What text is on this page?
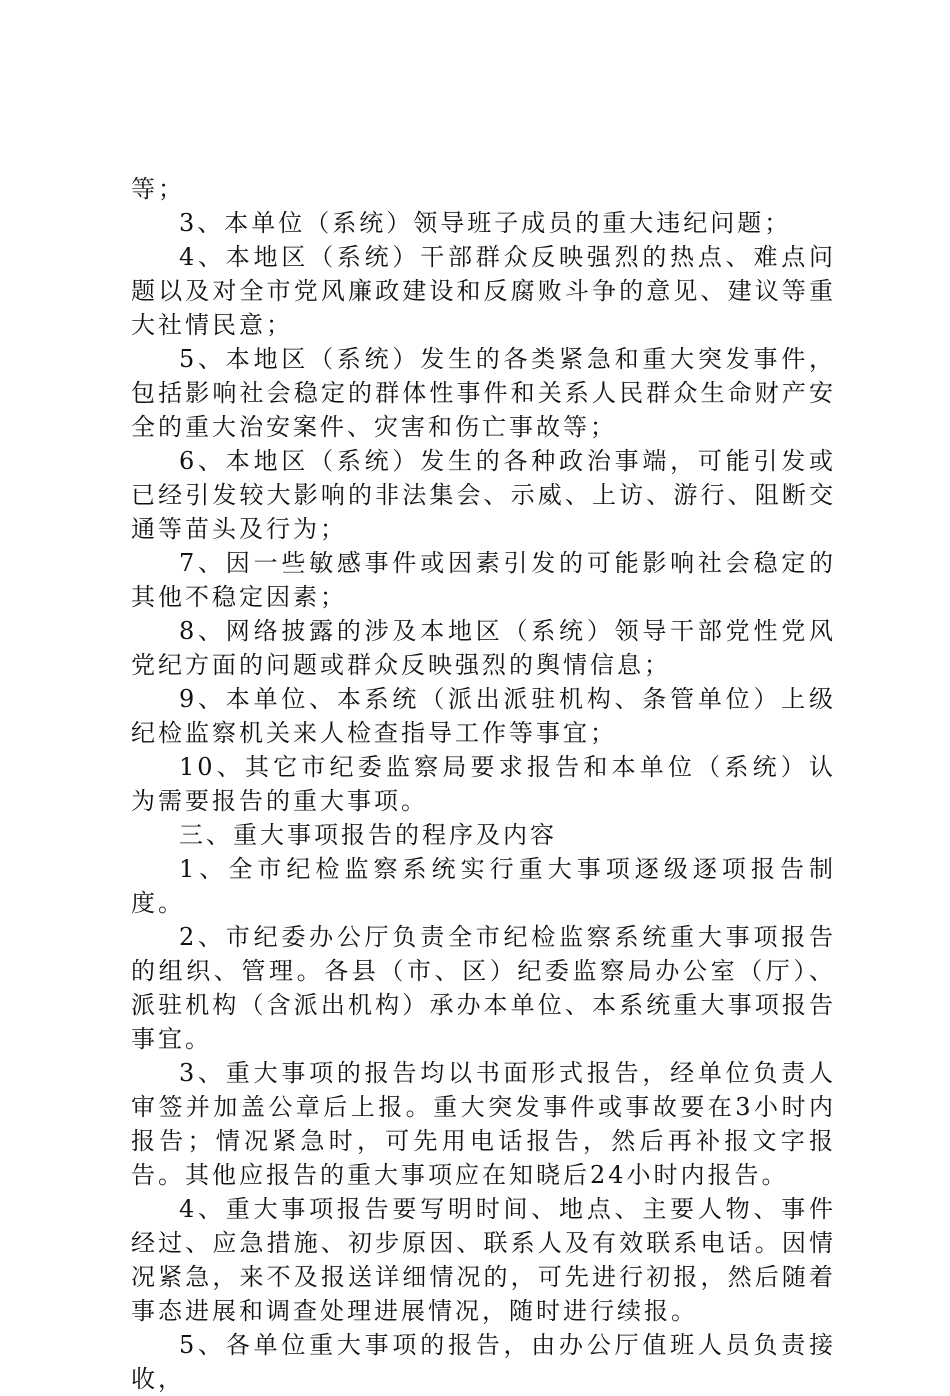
等；

3、本单位（系统）领导班子成员的重大违纪问题；

4、本地区（系统）干部群众反映强烈的热点、难点问题以及对全市党风廉政建设和反腐败斗争的意见、建议等重大社情民意；

5、本地区（系统）发生的各类紧急和重大突发事件，包括影响社会稳定的群体性事件和关系人民群众生命财产安全的重大治安案件、灾害和伤亡事故等；

6、本地区（系统）发生的各种政治事端，可能引发或已经引发较大影响的非法集会、示威、上访、游行、阻断交通等苗头及行为；

7、因一些敏感事件或因素引发的可能影响社会稳定的其他不稳定因素；

8、网络披露的涉及本地区（系统）领导干部党性党风党纪方面的问题或群众反映强烈的舆情信息；

9、本单位、本系统（派出派驻机构、条管单位）上级纪检监察机关来人检查指导工作等事宜；

10、其它市纪委监察局要求报告和本单位（系统）认为需要报告的重大事项。

三、重大事项报告的程序及内容

1、全市纪检监察系统实行重大事项逐级逐项报告制度。

2、市纪委办公厅负责全市纪检监察系统重大事项报告的组织、管理。各县（市、区）纪委监察局办公室（厅）、派驻机构（含派出机构）承办本单位、本系统重大事项报告事宜。

3、重大事项的报告均以书面形式报告，经单位负责人审签并加盖公章后上报。重大突发事件或事故要在3小时内报告；情况紧急时，可先用电话报告，然后再补报文字报告。其他应报告的重大事项应在知晓后24小时内报告。

4、重大事项报告要写明时间、地点、主要人物、事件经过、应急措施、初步原因、联系人及有效联系电话。因情况紧急，来不及报送详细情况的，可先进行初报，然后随着事态进展和调查处理进展情况，随时进行续报。

5、各单位重大事项的报告，由办公厅值班人员负责接收，
